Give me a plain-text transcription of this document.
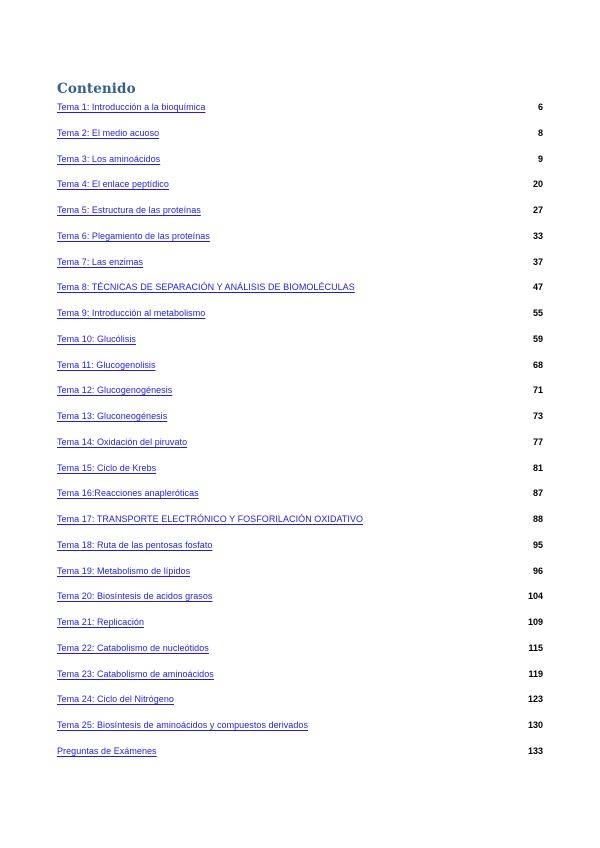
Contenido
Tema 1: Introducción a la bioquímica	6
Tema 2: El medio acuoso	8
Tema 3: Los aminoácidos	9
Tema 4: El enlace peptídico	20
Tema 5: Estructura de las proteínas	27
Tema 6: Plegamiento de las proteínas	33
Tema 7: Las enzimas	37
Tema 8: TÉCNICAS DE SEPARACIÓN Y ANÁLISIS DE BIOMOLÉCULAS	47
Tema 9: Introducción al metabolismo	55
Tema 10: Glucólisis	59
Tema 11: Glucogenolisis	68
Tema 12: Glucogenogénesis	71
Tema 13: Gluconeogénesis	73
Tema 14: Oxidación del piruvato	77
Tema 15: Ciclo de Krebs	81
Tema 16:Reacciones anapleróticas	87
Tema 17: TRANSPORTE ELECTRÓNICO Y FOSFORILACIÓN OXIDATIVO	88
Tema 18: Ruta de las pentosas fosfato	95
Tema 19: Metabolismo de lípidos	96
Tema 20: Biosíntesis de acidos grasos	104
Tema 21: Replicación	109
Tema 22: Catabolismo de nucleótidos	115
Tema 23: Catabolismo de aminoácidos	119
Tema 24: Ciclo del Nitrógeno	123
Tema 25: Biosíntesis de aminoácidos y compuestos derivados	130
Preguntas de Exámenes	133
